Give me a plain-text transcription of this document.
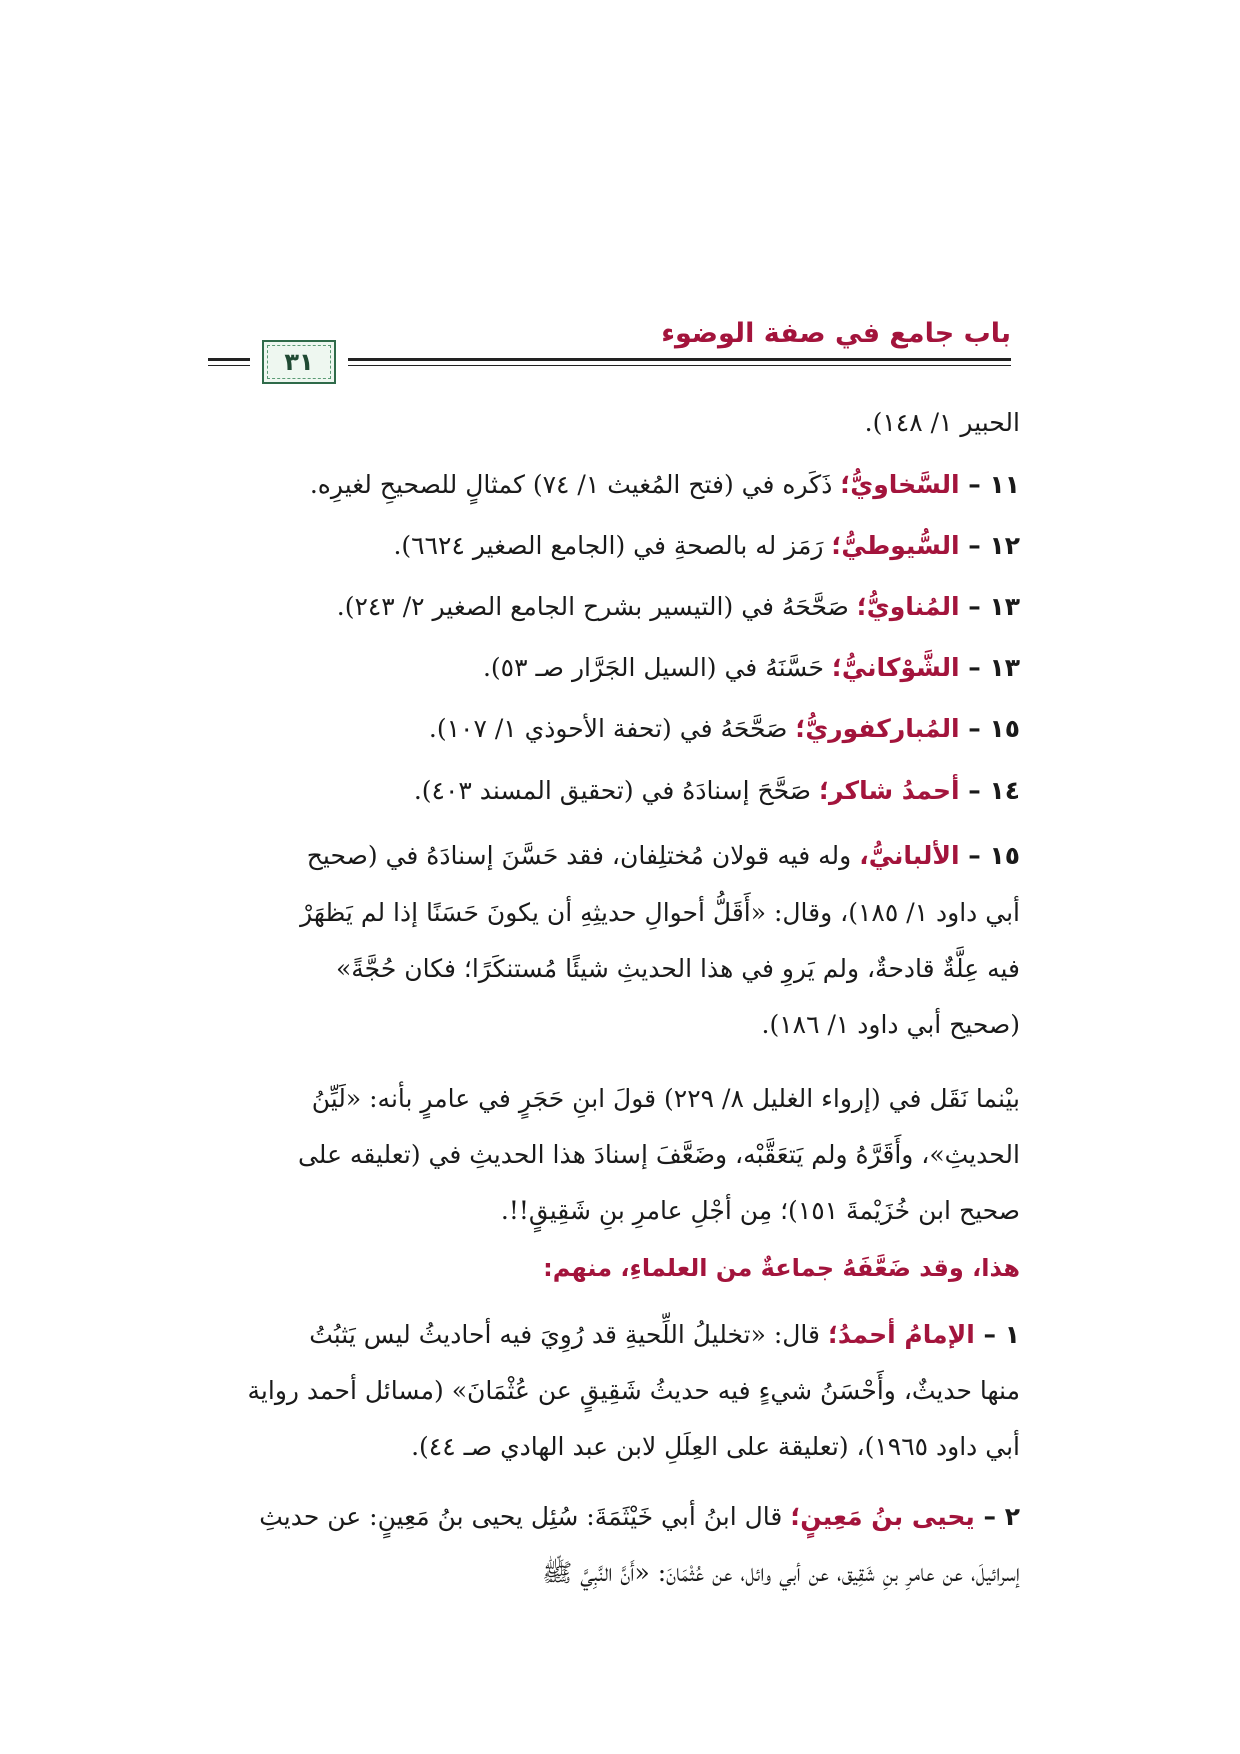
باب جامع في صفة الوضوء
٣١
الحبير ١/ ١٤٨).
١١ – السَّخاويُّ؛ ذَكَره في (فتح المُغيث ١/ ٧٤) كمثالٍ للصحيحِ لغيرِه.
١٢ – السُّيوطيُّ؛ رَمَز له بالصحةِ في (الجامع الصغير ٦٦٢٤).
١٣ – المُناويُّ؛ صَحَّحَهُ في (التيسير بشرح الجامع الصغير ٢/ ٢٤٣).
١٣ – الشَّوْكانيُّ؛ حَسَّنَهُ في (السيل الجَرَّار صـ ٥٣).
١٥ – المُباركفوريُّ؛ صَحَّحَهُ في (تحفة الأحوذي ١/ ١٠٧).
١٤ – أحمدُ شاكر؛ صَحَّحَ إسنادَهُ في (تحقيق المسند ٤٠٣).
١٥ – الألبانيُّ، وله فيه قولان مُختلِفان، فقد حَسَّنَ إسنادَهُ في (صحيح
أبي داود ١/ ١٨٥)، وقال: «أَقَلُّ أحوالِ حديثِهِ أن يكونَ حَسَنًا إذا لم يَظهَرْ
فيه عِلَّةٌ قادحةٌ، ولم يَروِ في هذا الحديثِ شيئًا مُستنكَرًا؛ فكان حُجَّةً»
(صحيح أبي داود ١/ ١٨٦).
بيْنما نَقَل في (إرواء الغليل ٨/ ٢٢٩) قولَ ابنِ حَجَرٍ في عامرٍ بأنه: «لَيِّنُ
الحديثِ»، وأَقَرَّهُ ولم يَتعَقَّبْه، وضَعَّفَ إسنادَ هذا الحديثِ في (تعليقه على
صحيح ابن خُزَيْمةَ ١٥١)؛ مِن أجْلِ عامرِ بنِ شَقِيقٍ!!.
هذا، وقد ضَعَّفَهُ جماعةٌ من العلماءِ، منهم:
١ – الإمامُ أحمدُ؛ قال: «تخليلُ اللِّحيةِ قد رُوِيَ فيه أحاديثُ ليس يَثبُتُ
منها حديثٌ، وأَحْسَنُ شيءٍ فيه حديثُ شَقِيقٍ عن عُثْمَانَ» (مسائل أحمد رواية
أبي داود ١٩٦٥)، (تعليقة على العِلَلِ لابن عبد الهادي صـ ٤٤).
٢ – يحيى بنُ مَعِينٍ؛ قال ابنُ أبي خَيْثَمَةَ: سُئِل يحيى بنُ مَعِينٍ: عن حديثِ
إسرائيلَ، عن عامرِ بنِ شَقِيق، عن أبي وائل، عن عُثْمَانَ: «أَنَّ النَّبِيَّ ﷺ
